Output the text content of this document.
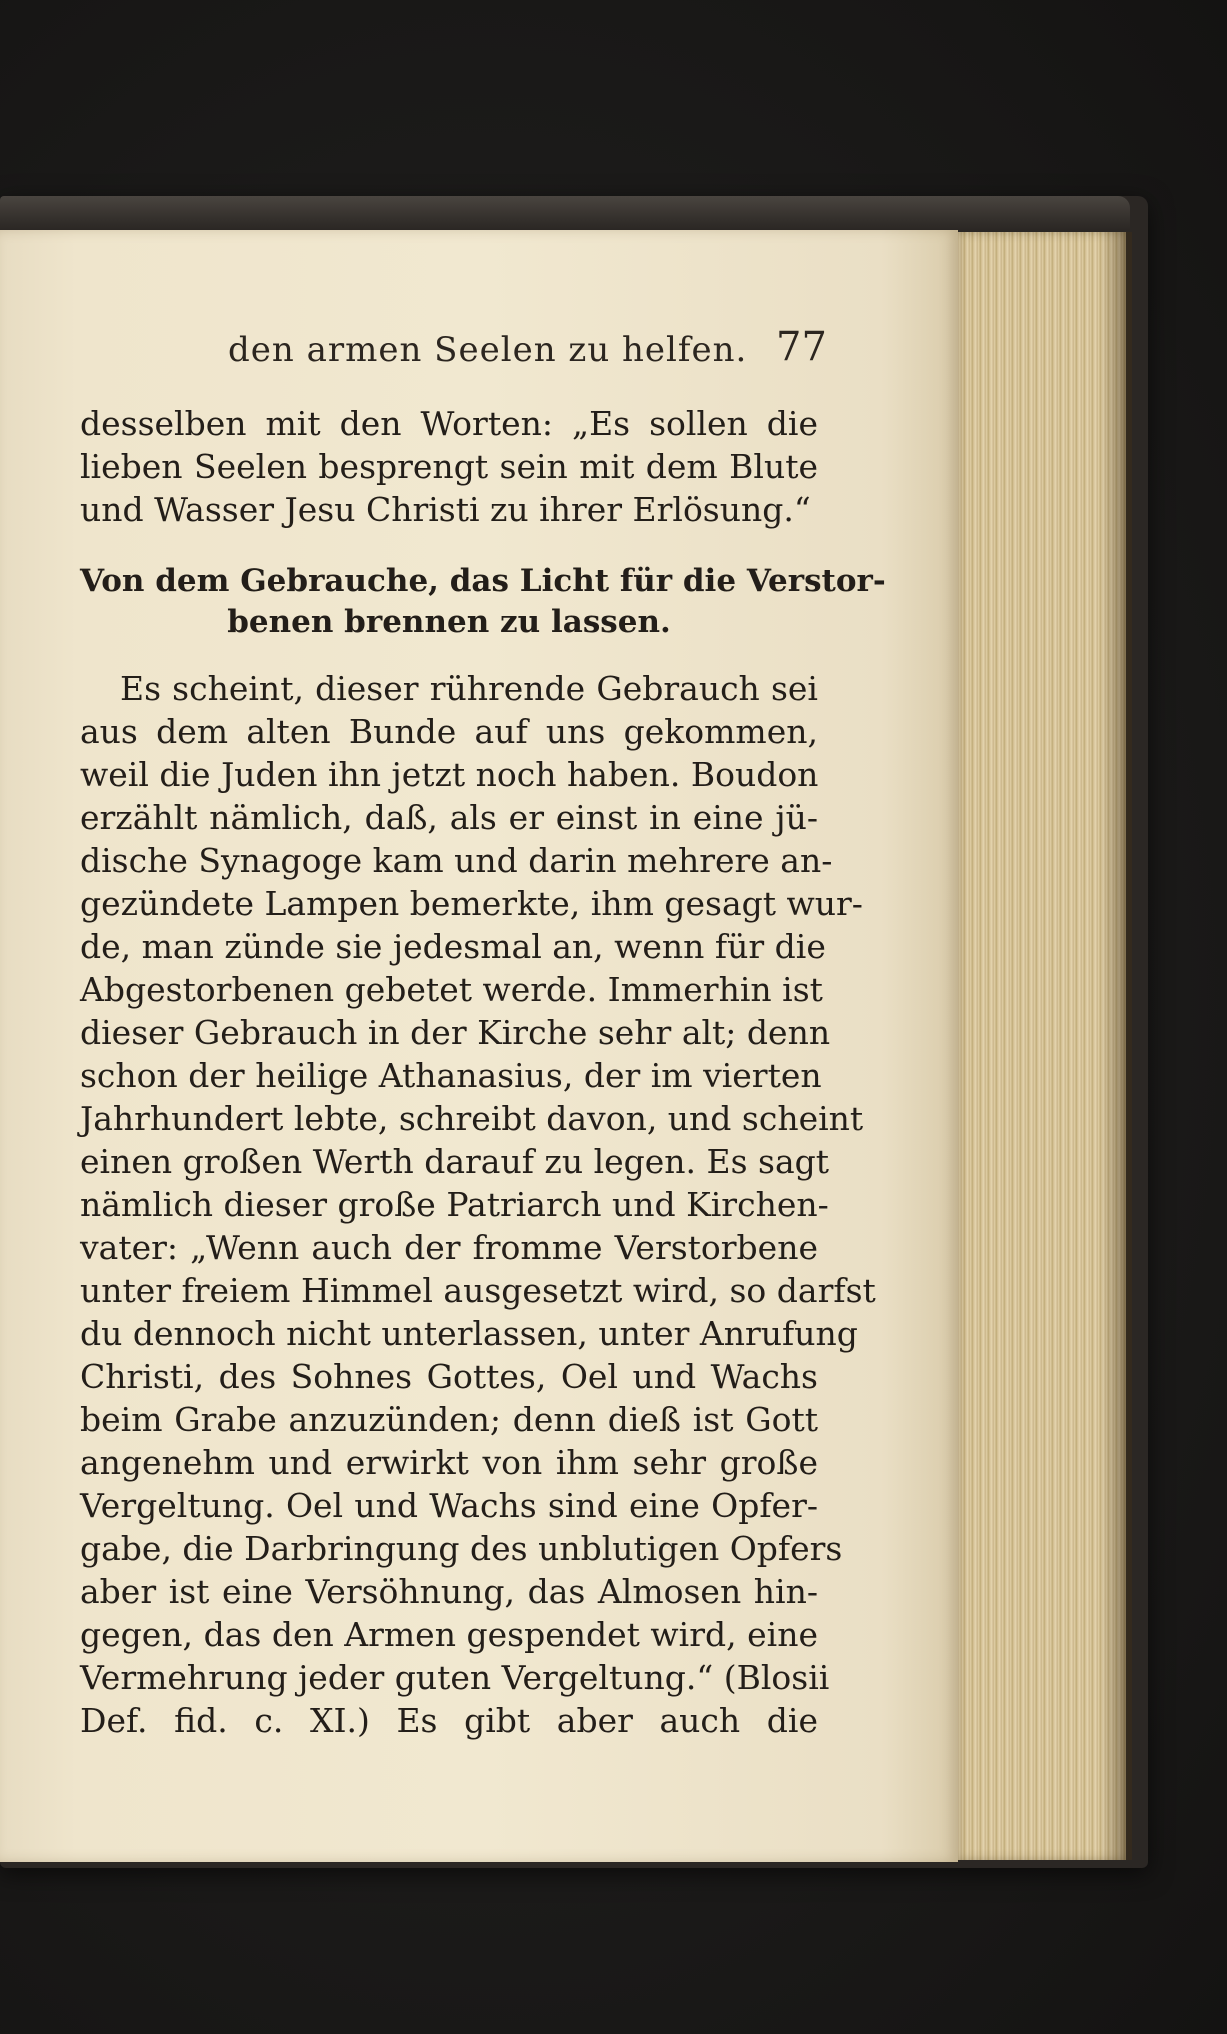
den armen Seelen zu helfen. 77
desselben mit den Worten: „Es sollen die
lieben Seelen besprengt sein mit dem Blute
und Wasser Jesu Christi zu ihrer Erlösung.“
Von dem Gebrauche, das Licht für die Verstor-
benen brennen zu lassen.
Es scheint, dieser rührende Gebrauch sei
aus dem alten Bunde auf uns gekommen,
weil die Juden ihn jetzt noch haben. Boudon
erzählt nämlich, daß, als er einst in eine jü-
dische Synagoge kam und darin mehrere an-
gezündete Lampen bemerkte, ihm gesagt wur-
de, man zünde sie jedesmal an, wenn für die
Abgestorbenen gebetet werde. Immerhin ist
dieser Gebrauch in der Kirche sehr alt; denn
schon der heilige Athanasius, der im vierten
Jahrhundert lebte, schreibt davon, und scheint
einen großen Werth darauf zu legen. Es sagt
nämlich dieser große Patriarch und Kirchen-
vater: „Wenn auch der fromme Verstorbene
unter freiem Himmel ausgesetzt wird, so darfst
du dennoch nicht unterlassen, unter Anrufung
Christi, des Sohnes Gottes, Oel und Wachs
beim Grabe anzuzünden; denn dieß ist Gott
angenehm und erwirkt von ihm sehr große
Vergeltung. Oel und Wachs sind eine Opfer-
gabe, die Darbringung des unblutigen Opfers
aber ist eine Versöhnung, das Almosen hin-
gegen, das den Armen gespendet wird, eine
Vermehrung jeder guten Vergeltung.“ (Blosii
Def. fid. c. XI.) Es gibt aber auch die
